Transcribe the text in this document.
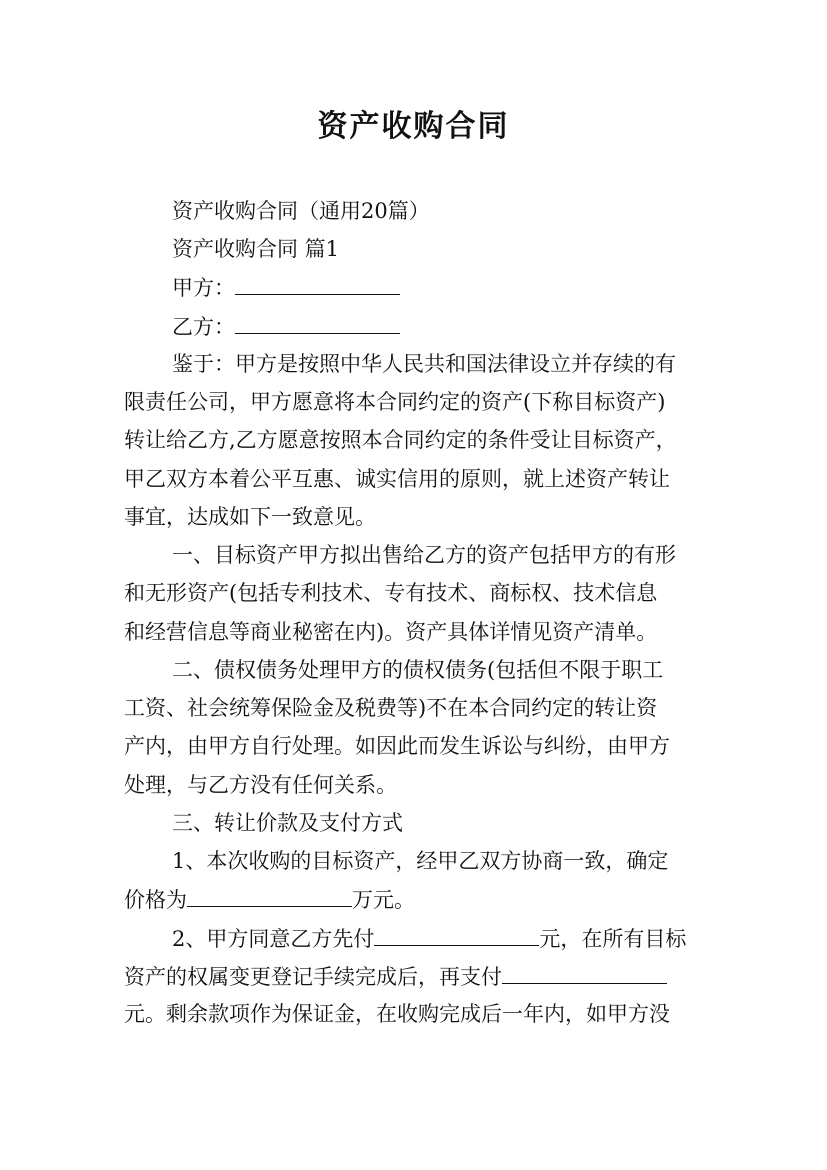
资产收购合同
资产收购合同（通用20篇）
资产收购合同 篇1
甲方：
乙方：
鉴于：甲方是按照中华人民共和国法律设立并存续的有
限责任公司，甲方愿意将本合同约定的资产(下称目标资产)
转让给乙方,乙方愿意按照本合同约定的条件受让目标资产，
甲乙双方本着公平互惠、诚实信用的原则，就上述资产转让
事宜，达成如下一致意见。
一、目标资产甲方拟出售给乙方的资产包括甲方的有形
和无形资产(包括专利技术、专有技术、商标权、技术信息
和经营信息等商业秘密在内)。资产具体详情见资产清单。
二、债权债务处理甲方的债权债务(包括但不限于职工
工资、社会统筹保险金及税费等)不在本合同约定的转让资
产内，由甲方自行处理。如因此而发生诉讼与纠纷，由甲方
处理，与乙方没有任何关系。
三、转让价款及支付方式
1、本次收购的目标资产，经甲乙双方协商一致，确定
价格为	万元。
2、甲方同意乙方先付	元，在所有目标
资产的权属变更登记手续完成后，再支付
元。剩余款项作为保证金，在收购完成后一年内，如甲方没
